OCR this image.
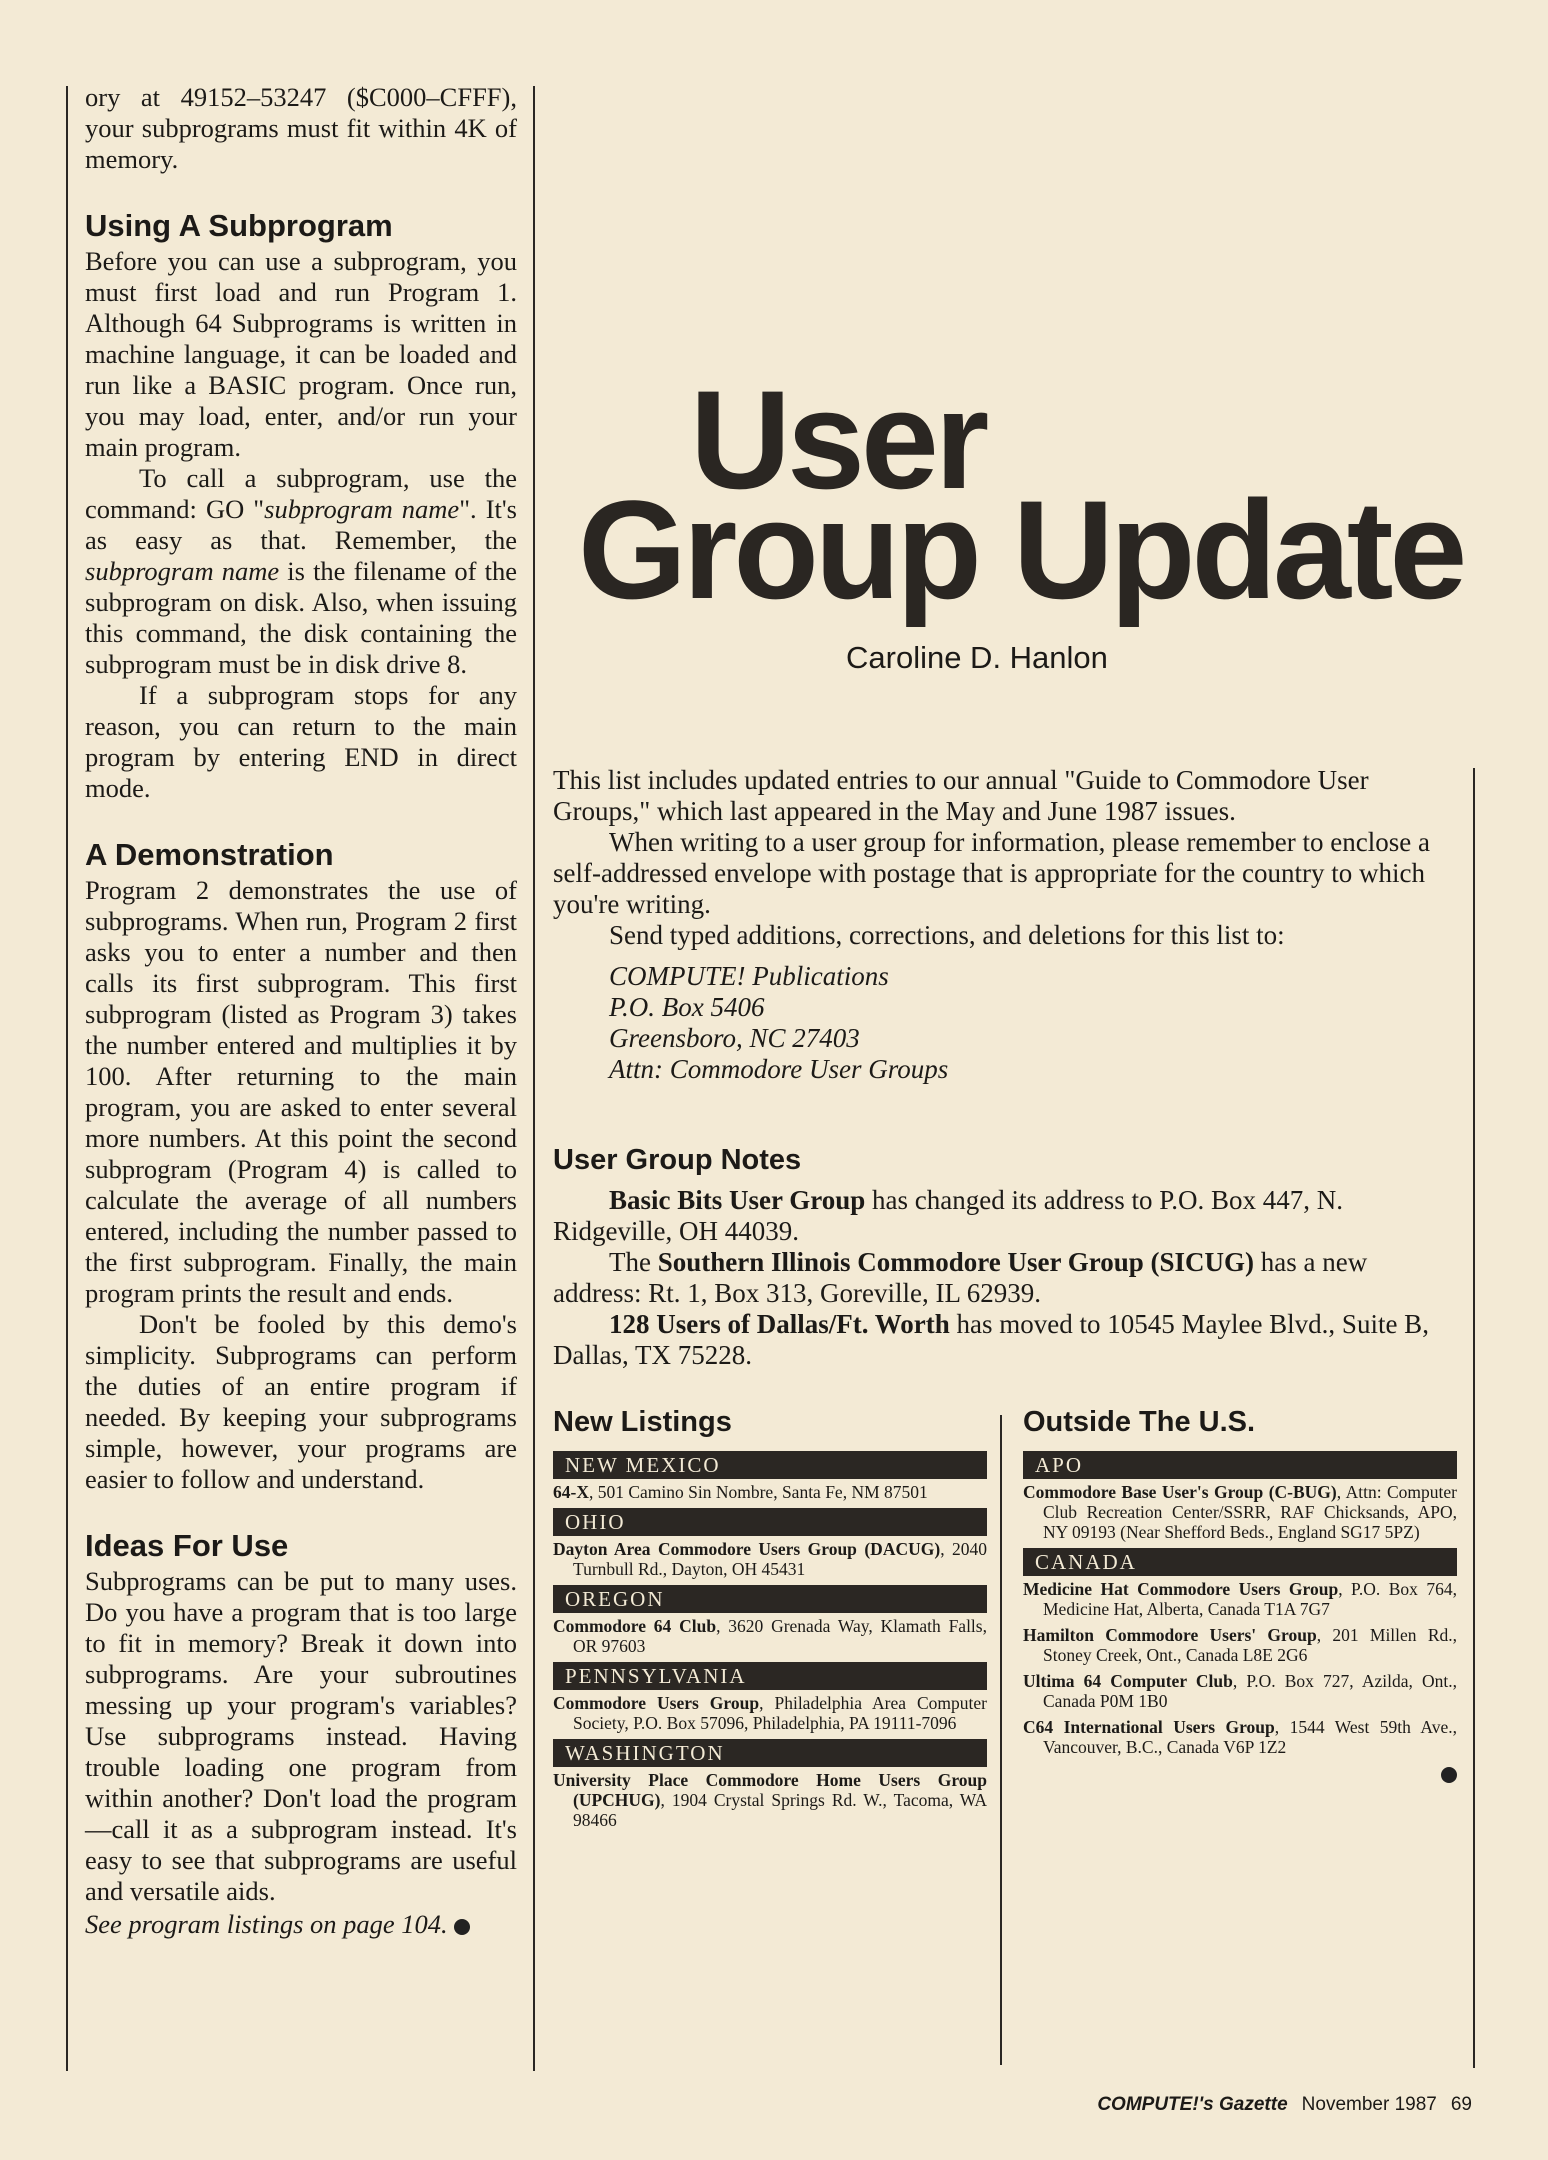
ory at 49152–53247 ($C000–CFFF), your subprograms must fit within 4K of memory.

Using A Subprogram

Before you can use a subprogram, you must first load and run Program 1. Although 64 Subprograms is written in machine language, it can be loaded and run like a BASIC program. Once run, you may load, enter, and/or run your main program.

To call a subprogram, use the command: GO "subprogram name". It's as easy as that. Remember, the subprogram name is the filename of the subprogram on disk. Also, when issuing this command, the disk containing the subprogram must be in disk drive 8.

If a subprogram stops for any reason, you can return to the main program by entering END in direct mode.

A Demonstration

Program 2 demonstrates the use of subprograms. When run, Program 2 first asks you to enter a number and then calls its first subprogram. This first subprogram (listed as Program 3) takes the number entered and multiplies it by 100. After returning to the main program, you are asked to enter several more numbers. At this point the second subprogram (Program 4) is called to calculate the average of all numbers entered, including the number passed to the first subprogram. Finally, the main program prints the result and ends.

Don't be fooled by this demo's simplicity. Subprograms can perform the duties of an entire program if needed. By keeping your subprograms simple, however, your programs are easier to follow and understand.

Ideas For Use

Subprograms can be put to many uses. Do you have a program that is too large to fit in memory? Break it down into subprograms. Are your subroutines messing up your program's variables? Use subprograms instead. Having trouble loading one program from within another? Don't load the program—call it as a subprogram instead. It's easy to see that subprograms are useful and versatile aids.

See program listings on page 104.

User
Group Update
Caroline D. Hanlon

This list includes updated entries to our annual "Guide to Commodore User Groups," which last appeared in the May and June 1987 issues.

When writing to a user group for information, please remember to enclose a self-addressed envelope with postage that is appropriate for the country to which you're writing.

Send typed additions, corrections, and deletions for this list to:

COMPUTE! Publications
P.O. Box 5406
Greensboro, NC 27403
Attn: Commodore User Groups
User Group Notes

Basic Bits User Group has changed its address to P.O. Box 447, N. Ridgeville, OH 44039.

The Southern Illinois Commodore User Group (SICUG) has a new address: Rt. 1, Box 313, Goreville, IL 62939.

128 Users of Dallas/Ft. Worth has moved to 10545 Maylee Blvd., Suite B, Dallas, TX 75228.

New Listings
NEW MEXICO
64-X, 501 Camino Sin Nombre, Santa Fe, NM 87501
OHIO
Dayton Area Commodore Users Group (DACUG), 2040 Turnbull Rd., Dayton, OH 45431
OREGON
Commodore 64 Club, 3620 Grenada Way, Klamath Falls, OR 97603
PENNSYLVANIA
Commodore Users Group, Philadelphia Area Computer Society, P.O. Box 57096, Philadelphia, PA 19111-7096
WASHINGTON
University Place Commodore Home Users Group (UPCHUG), 1904 Crystal Springs Rd. W., Tacoma, WA 98466
Outside The U.S.
APO
Commodore Base User's Group (C-BUG), Attn: Computer Club Recreation Center/SSRR, RAF Chicksands, APO, NY 09193 (Near Shefford Beds., England SG17 5PZ)
CANADA
Medicine Hat Commodore Users Group, P.O. Box 764, Medicine Hat, Alberta, Canada T1A 7G7
Hamilton Commodore Users' Group, 201 Millen Rd., Stoney Creek, Ont., Canada L8E 2G6
Ultima 64 Computer Club, P.O. Box 727, Azilda, Ont., Canada P0M 1B0
C64 International Users Group, 1544 West 59th Ave., Vancouver, B.C., Canada V6P 1Z2
COMPUTE!'s Gazette November 1987 69
